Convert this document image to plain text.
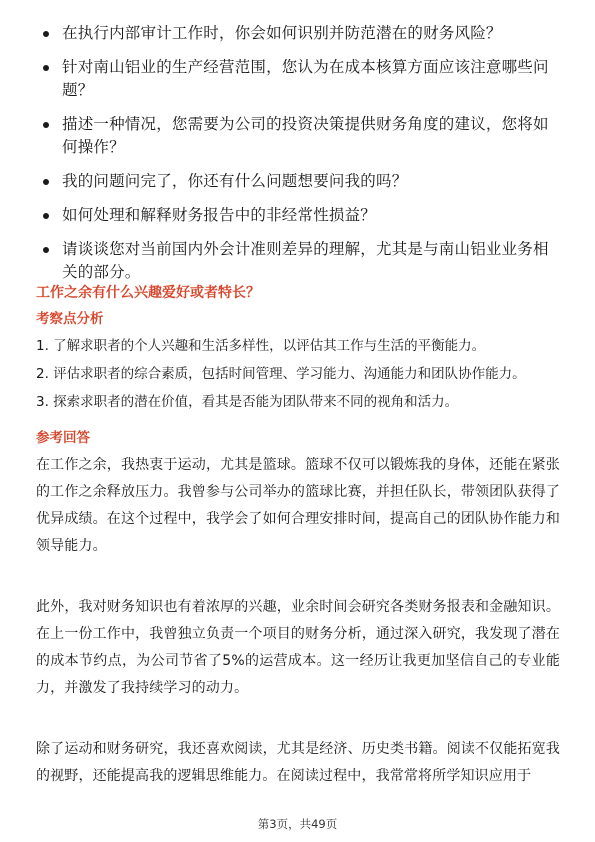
在执行内部审计工作时，你会如何识别并防范潜在的财务风险？
针对南山铝业的生产经营范围，您认为在成本核算方面应该注意哪些问题？
描述一种情况，您需要为公司的投资决策提供财务角度的建议，您将如何操作？
我的问题问完了，你还有什么问题想要问我的吗？
如何处理和解释财务报告中的非经常性损益？
请谈谈您对当前国内外会计准则差异的理解，尤其是与南山铝业业务相关的部分。
工作之余有什么兴趣爱好或者特长？
考察点分析
1. 了解求职者的个人兴趣和生活多样性，以评估其工作与生活的平衡能力。
2. 评估求职者的综合素质，包括时间管理、学习能力、沟通能力和团队协作能力。
3. 探索求职者的潜在价值，看其是否能为团队带来不同的视角和活力。
参考回答
在工作之余，我热衷于运动，尤其是篮球。篮球不仅可以锻炼我的身体，还能在紧张的工作之余释放压力。我曾参与公司举办的篮球比赛，并担任队长，带领团队获得了优异成绩。在这个过程中，我学会了如何合理安排时间，提高自己的团队协作能力和领导能力。
此外，我对财务知识也有着浓厚的兴趣，业余时间会研究各类财务报表和金融知识。在上一份工作中，我曾独立负责一个项目的财务分析，通过深入研究，我发现了潜在的成本节约点，为公司节省了5%的运营成本。这一经历让我更加坚信自己的专业能力，并激发了我持续学习的动力。
除了运动和财务研究，我还喜欢阅读，尤其是经济、历史类书籍。阅读不仅能拓宽我的视野，还能提高我的逻辑思维能力。在阅读过程中，我常常将所学知识应用于
第3页，共49页
